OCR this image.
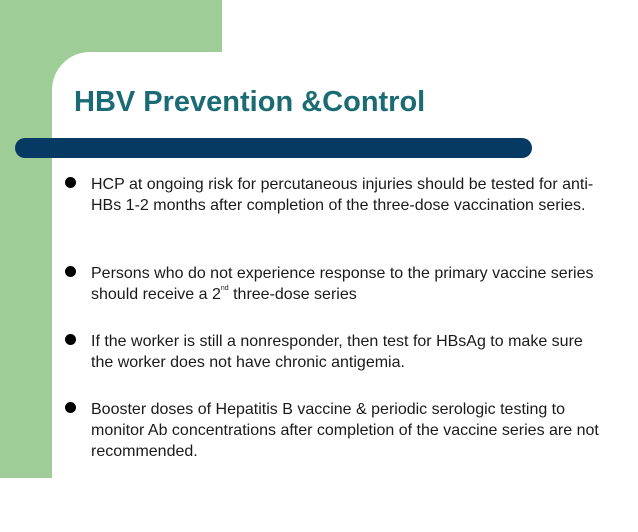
HBV Prevention &Control
HCP at ongoing risk for percutaneous injuries should be tested for anti-HBs 1-2 months after completion of the three-dose vaccination series.
Persons who do not experience response to the primary vaccine series should receive a 2nd three-dose series
If the worker is still a nonresponder, then test for HBsAg to make sure the worker does not have chronic antigemia.
Booster doses of Hepatitis B vaccine & periodic serologic testing to monitor Ab concentrations after completion of the vaccine series are not recommended.
